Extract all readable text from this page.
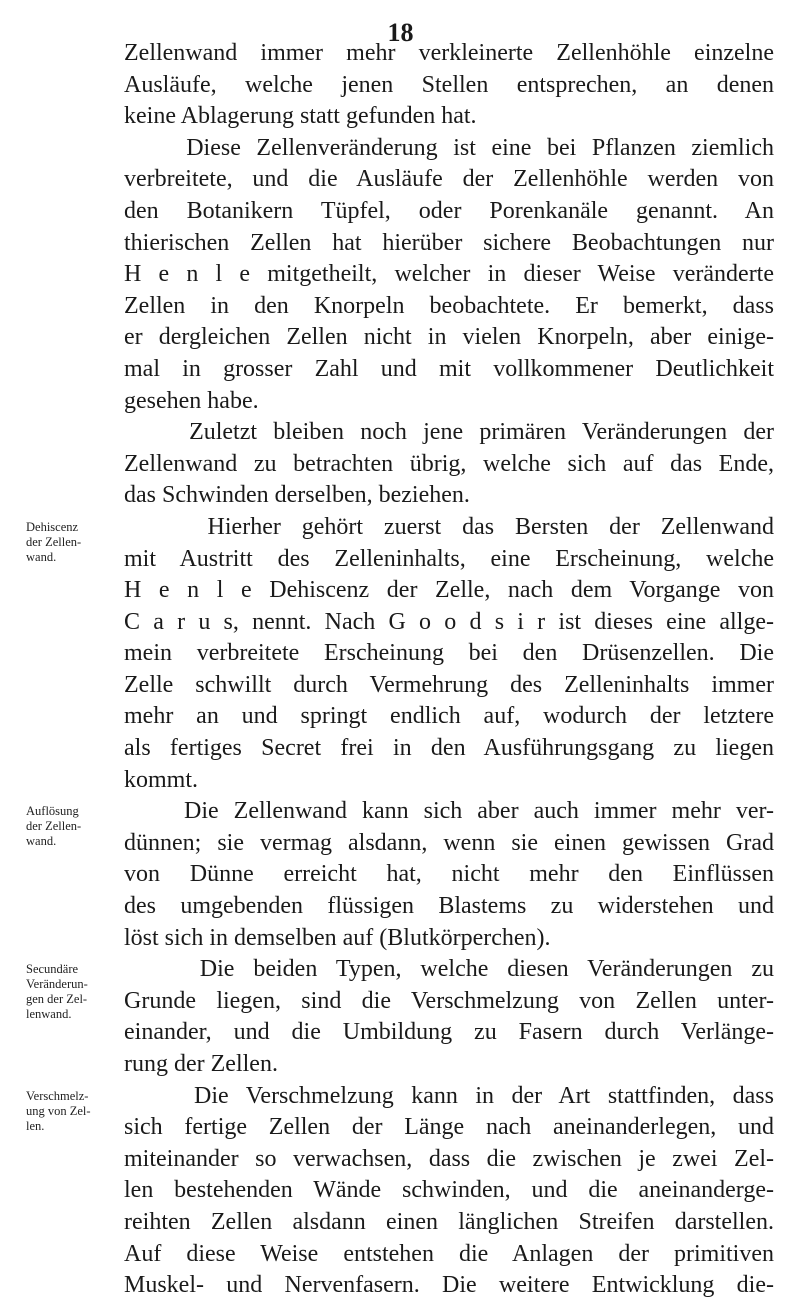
18
Zellenwand immer mehr verkleinerte Zellenhöhle einzelne
Ausläufe, welche jenen Stellen entsprechen, an denen
keine Ablagerung statt gefunden hat.
Diese Zellenveränderung ist eine bei Pflanzen ziemlich
verbreitete, und die Ausläufe der Zellenhöhle werden von
den Botanikern Tüpfel, oder Porenkanäle genannt. An
thierischen Zellen hat hierüber sichere Beobachtungen nur
H e n l e mitgetheilt, welcher in dieser Weise veränderte
Zellen in den Knorpeln beobachtete. Er bemerkt, dass
er dergleichen Zellen nicht in vielen Knorpeln, aber einige-
mal in grosser Zahl und mit vollkommener Deutlichkeit
gesehen habe.
Zuletzt bleiben noch jene primären Veränderungen der
Zellenwand zu betrachten übrig, welche sich auf das Ende,
das Schwinden derselben, beziehen.
Hierher gehört zuerst das Bersten der Zellenwand
mit Austritt des Zelleninhalts, eine Erscheinung, welche
H e n l e Dehiscenz der Zelle, nach dem Vorgange von
C a r u s, nennt. Nach G o o d s i r ist dieses eine allge-
mein verbreitete Erscheinung bei den Drüsenzellen. Die
Zelle schwillt durch Vermehrung des Zelleninhalts immer
mehr an und springt endlich auf, wodurch der letztere
als fertiges Secret frei in den Ausführungsgang zu liegen
kommt.
Die Zellenwand kann sich aber auch immer mehr ver-
dünnen; sie vermag alsdann, wenn sie einen gewissen Grad
von Dünne erreicht hat, nicht mehr den Einflüssen
des umgebenden flüssigen Blastems zu widerstehen und
löst sich in demselben auf (Blutkörperchen).
Die beiden Typen, welche diesen Veränderungen zu
Grunde liegen, sind die Verschmelzung von Zellen unter-
einander, und die Umbildung zu Fasern durch Verlänge-
rung der Zellen.
Die Verschmelzung kann in der Art stattfinden, dass
sich fertige Zellen der Länge nach aneinanderlegen, und
miteinander so verwachsen, dass die zwischen je zwei Zel-
len bestehenden Wände schwinden, und die aneinanderge-
reihten Zellen alsdann einen länglichen Streifen darstellen.
Auf diese Weise entstehen die Anlagen der primitiven
Muskel- und Nervenfasern. Die weitere Entwicklung die-
Dehiscenz
der Zellen-
wand.
Auflösung
der Zellen-
wand.
Secundäre
Veränderun-
gen der Zel-
lenwand.
Verschmelz-
ung von Zel-
len.
